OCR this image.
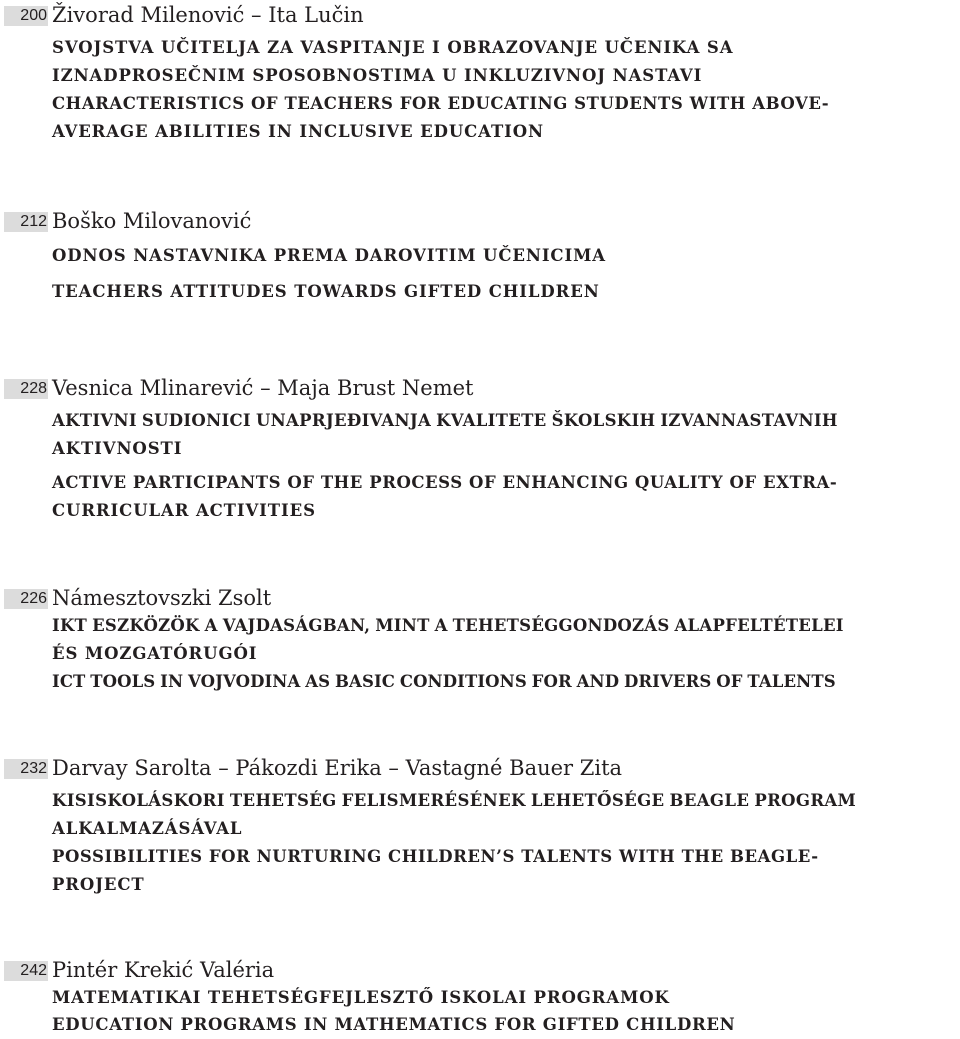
200 Živorad Milenović – Ita Lučin
SVOJSTVA UČITELJA ZA VASPITANJE I OBRAZOVANJE UČENIKA SA
IZNADPROSEČNIM SPOSOBNOSTIMA U INKLUZIVNOJ NASTAVI
CHARACTERISTICS OF TEACHERS FOR EDUCATING STUDENTS WITH ABOVE-
AVERAGE ABILITIES IN INCLUSIVE EDUCATION
212 Boško Milovanović
ODNOS NASTAVNIKA PREMA DAROVITIM UČENICIMA
TEACHERS ATTITUDES TOWARDS GIFTED CHILDREN
228 Vesnica Mlinarević – Maja Brust Nemet
AKTIVNI SUDIONICI UNAPRJEĐIVANJA KVALITETE ŠKOLSKIH IZVANNASTAVNIH
AKTIVNOSTI
ACTIVE PARTICIPANTS OF THE PROCESS OF ENHANCING QUALITY OF EXTRA-
CURRICULAR ACTIVITIES
226 Námesztovszki Zsolt
IKT ESZKÖZÖK A VAJDASÁGBAN, MINT A TEHETSÉGGONDOZÁS ALAPFELTÉTELEI
ÉS MOZGATÓRUGÓI
ICT TOOLS IN VOJVODINA AS BASIC CONDITIONS FOR AND DRIVERS OF TALENTS
232 Darvay Sarolta – Pákozdi Erika – Vastagné Bauer Zita
KISISKOLÁSKORI TEHETSÉG FELISMERÉSÉNEK LEHETŐSÉGE BEAGLE PROGRAM
ALKALMAZÁSÁVAL
POSSIBILITIES FOR NURTURING CHILDREN’S TALENTS WITH THE BEAGLE-
PROJECT
242 Pintér Krekić Valéria
MATEMATIKAI TEHETSÉGFEJLESZTŐ ISKOLAI PROGRAMOK
EDUCATION PROGRAMS IN MATHEMATICS FOR GIFTED CHILDREN
